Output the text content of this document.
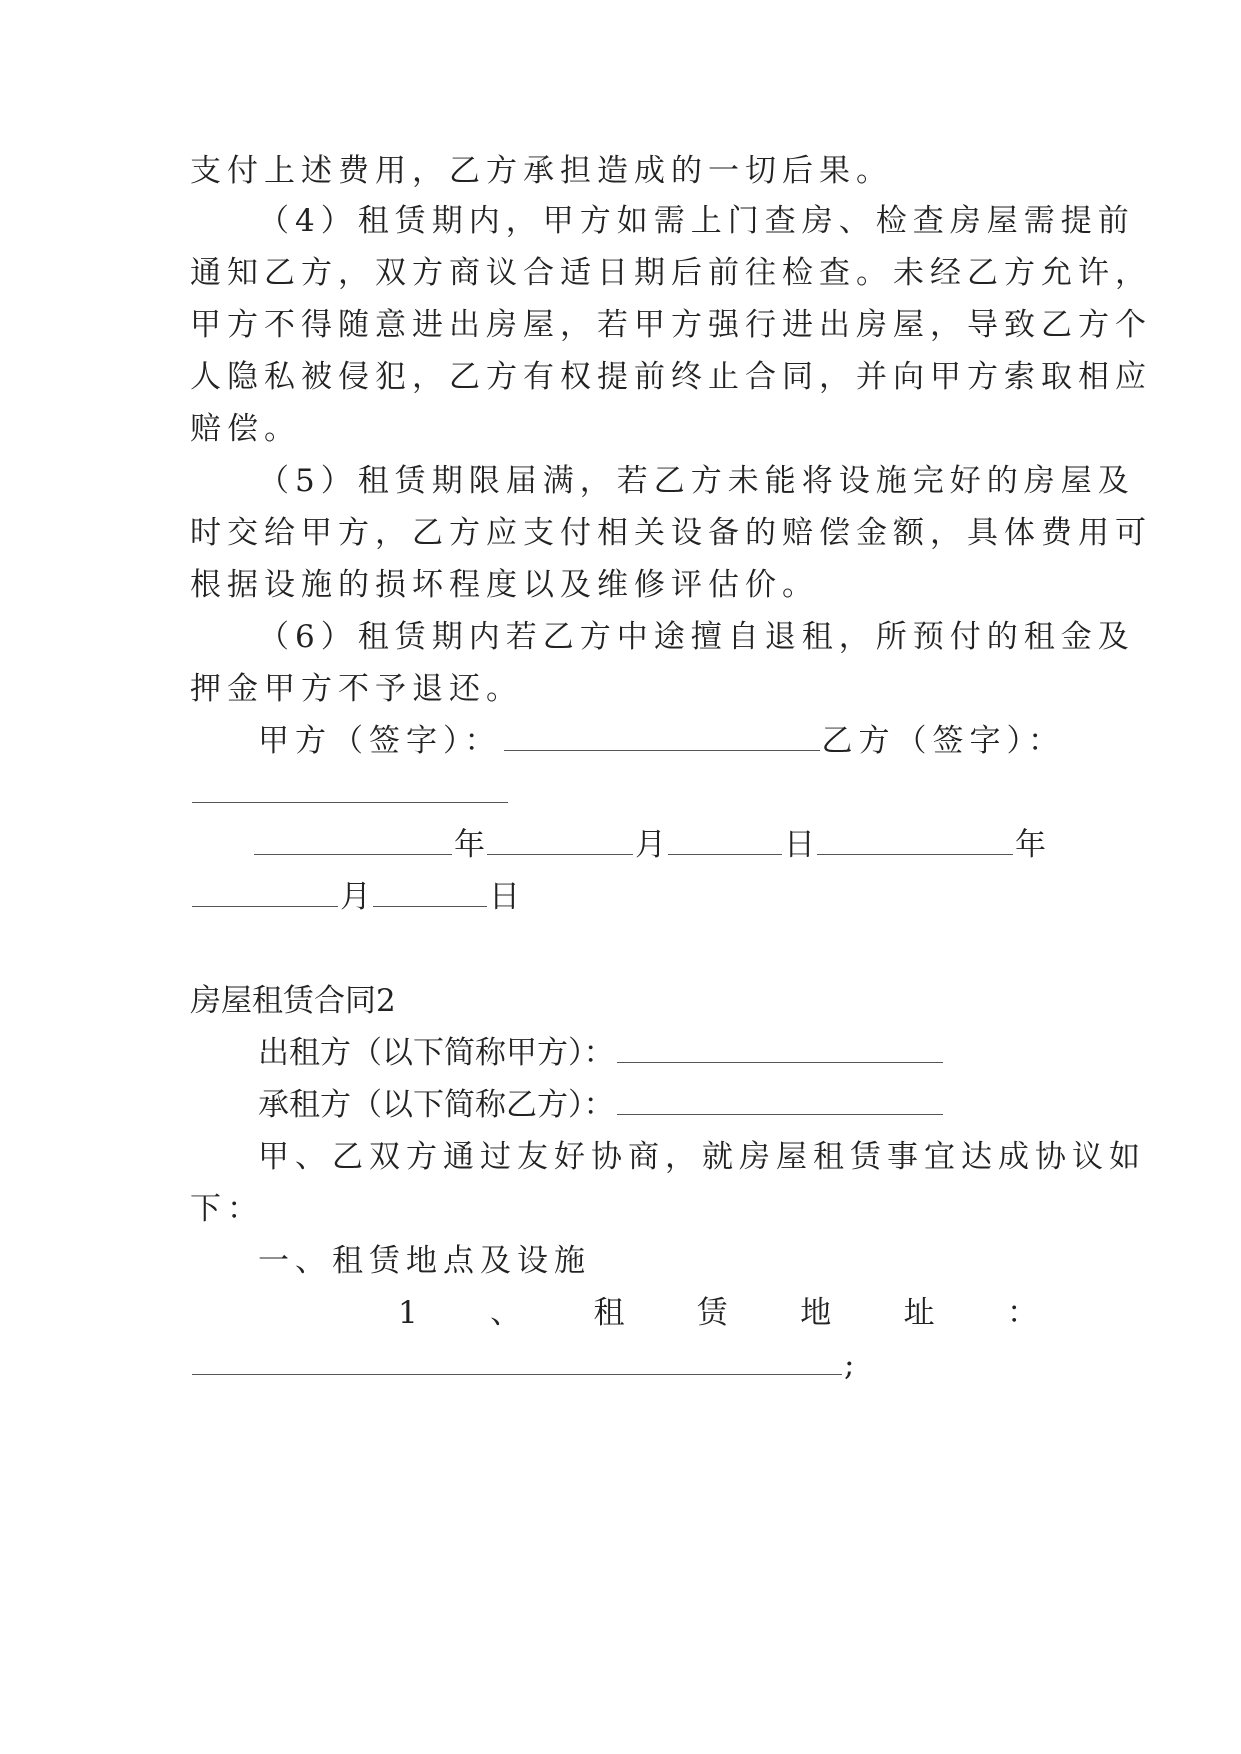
支付上述费用，乙方承担造成的一切后果。
（4）租赁期内，甲方如需上门查房、检查房屋需提前
通知乙方，双方商议合适日期后前往检查。未经乙方允许，
甲方不得随意进出房屋，若甲方强行进出房屋，导致乙方个
人隐私被侵犯，乙方有权提前终止合同，并向甲方索取相应
赔偿。
（5）租赁期限届满，若乙方未能将设施完好的房屋及
时交给甲方，乙方应支付相关设备的赔偿金额，具体费用可
根据设施的损坏程度以及维修评估价。
（6）租赁期内若乙方中途擅自退租，所预付的租金及
押金甲方不予退还。
甲方（签字）：	乙方（签字）：
年	月	日	年
月	日
房屋租赁合同2
出租方（以下简称甲方）：
承租方（以下简称乙方）：
甲、乙双方通过友好协商，就房屋租赁事宜达成协议如
下：
一、租赁地点及设施
1 、 租 赁 地 址 ：
;
